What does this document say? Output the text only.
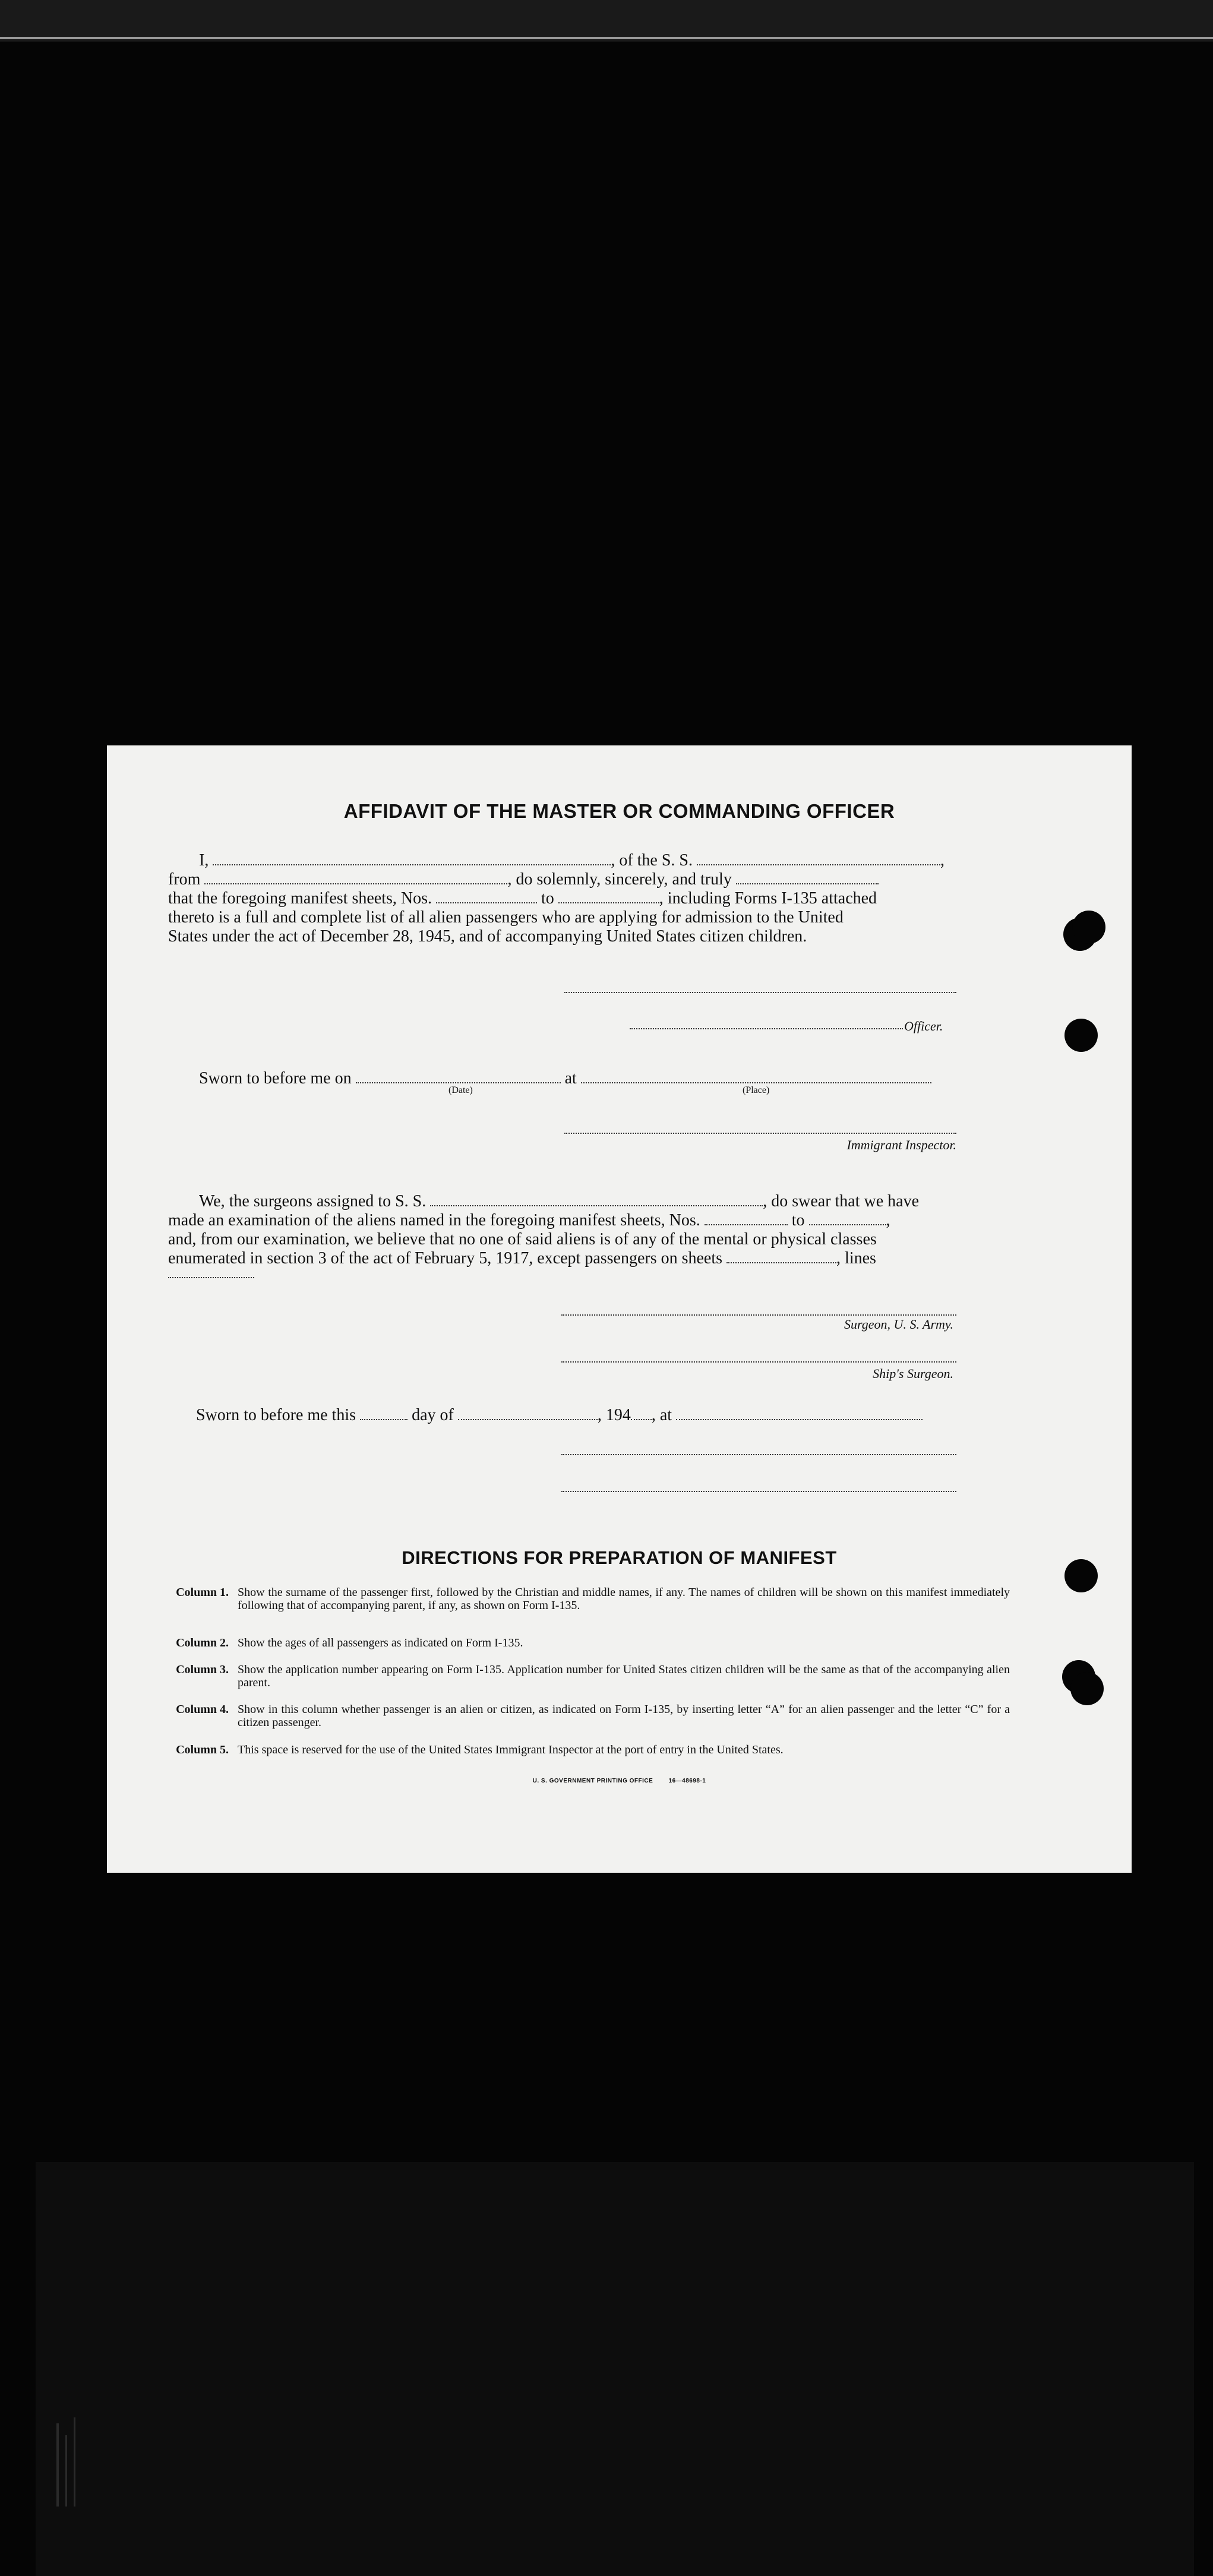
AFFIDAVIT OF THE MASTER OR COMMANDING OFFICER
I,	, of the S. S.	,
from	, do solemnly, sincerely, and truly
that the foregoing manifest sheets, Nos.	to	, including Forms I-135 attached
thereto is a full and complete list of all alien passengers who are applying for admission to the United
States under the act of December 28, 1945, and of accompanying United States citizen children.
Officer.
Sworn to before me on	at
(Date)	(Place)
Immigrant Inspector.
We, the surgeons assigned to S. S.	, do swear that we have
made an examination of the aliens named in the foregoing manifest sheets, Nos.	to	,
and, from our examination, we believe that no one of said aliens is of any of the mental or physical classes
enumerated in section 3 of the act of February 5, 1917, except passengers on sheets	, lines
Surgeon, U. S. Army.
Ship's Surgeon.
Sworn to before me this	day of	, 194 , at
DIRECTIONS FOR PREPARATION OF MANIFEST
Column 1. Show the surname of the passenger first, followed by the Christian and middle names, if any. The names of children will be shown on this manifest immediately following that of accompanying parent, if any, as shown on Form I-135.
Column 2. Show the ages of all passengers as indicated on Form I-135.
Column 3. Show the application number appearing on Form I-135. Application number for United States citizen children will be the same as that of the accompanying alien parent.
Column 4. Show in this column whether passenger is an alien or citizen, as indicated on Form I-135, by inserting letter “A” for an alien passenger and the letter “C” for a citizen passenger.
Column 5. This space is reserved for the use of the United States Immigrant Inspector at the port of entry in the United States.
U. S. GOVERNMENT PRINTING OFFICE	16—48698-1
